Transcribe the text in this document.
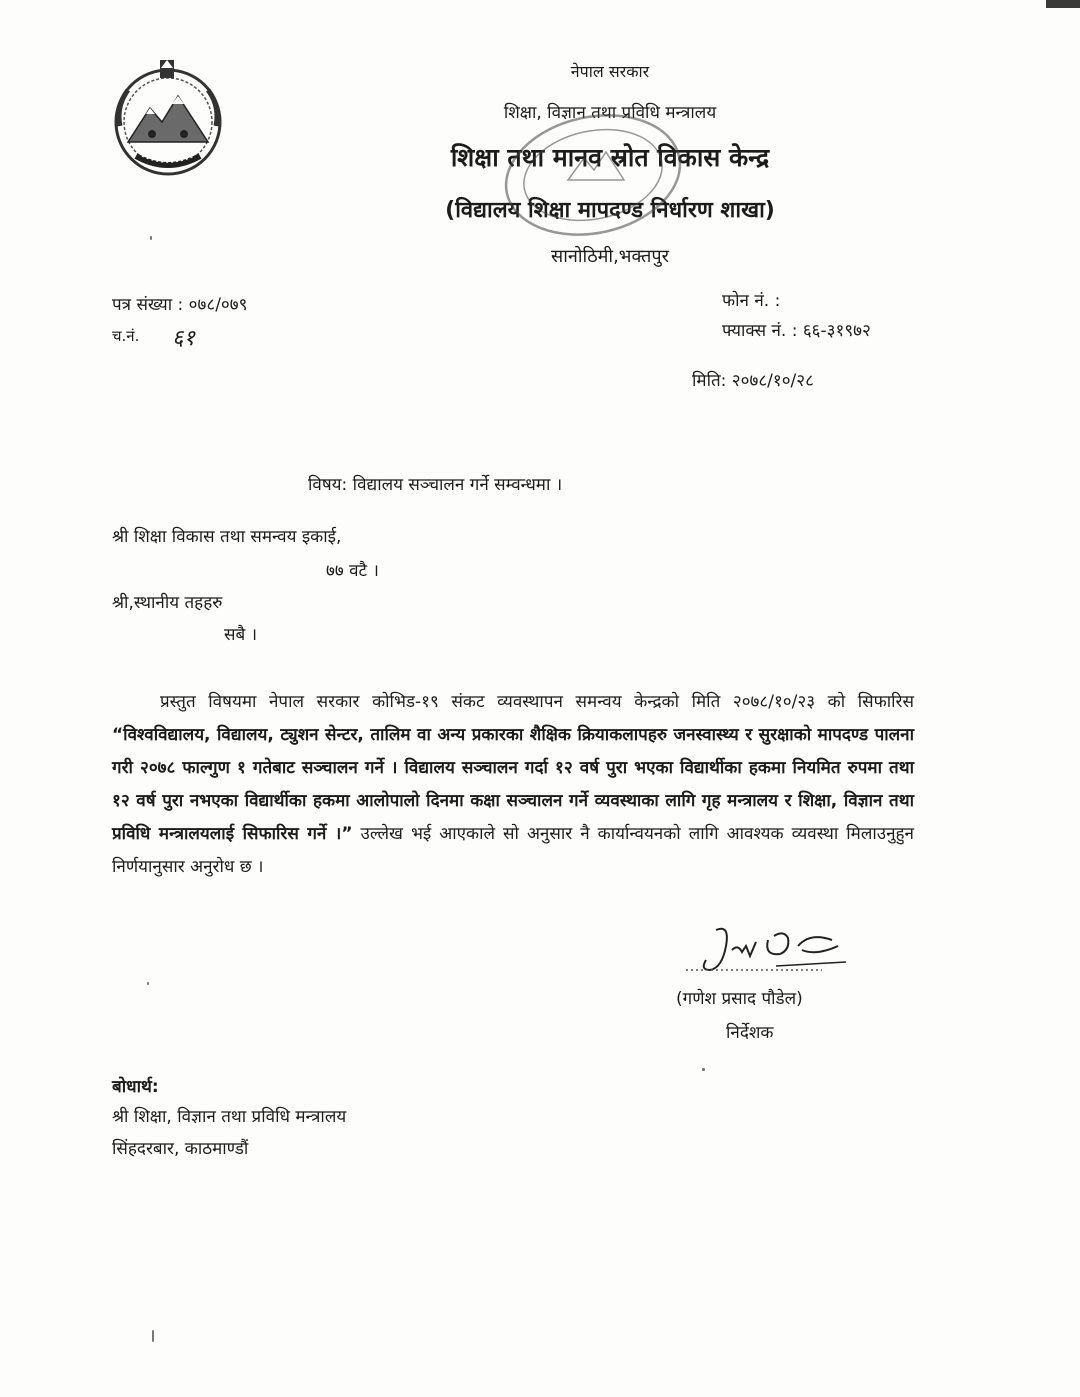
नेपाल सरकार
शिक्षा, विज्ञान तथा प्रविधि मन्त्रालय
शिक्षा तथा मानव स्रोत विकास केन्द्र
(विद्यालय शिक्षा मापदण्ड निर्धारण शाखा)
सानोठिमी,भक्तपुर
पत्र संख्या : ०७८/०७९
च.नं. ६१
फोन नं. :
फ्याक्स नं. : ६६-३१९७२
मिति: २०७८/१०/२८
विषय: विद्यालय सञ्चालन गर्ने सम्वन्धमा ।
श्री शिक्षा विकास तथा समन्वय इकाई,
७७ वटै ।
श्री,स्थानीय तहहरु
सबै ।
प्रस्तुत विषयमा नेपाल सरकार कोभिड-१९ संकट व्यवस्थापन समन्वय केन्द्रको मिति २०७८/१०/२३ को सिफारिस “विश्वविद्यालय, विद्यालय, ट्युशन सेन्टर, तालिम वा अन्य प्रकारका शैक्षिक क्रियाकलापहरु जनस्वास्थ्य र सुरक्षाको मापदण्ड पालना गरी २०७८ फाल्गुण १ गतेबाट सञ्चालन गर्ने । विद्यालय सञ्चालन गर्दा १२ वर्ष पुरा भएका विद्यार्थीका हकमा नियमित रुपमा तथा १२ वर्ष पुरा नभएका विद्यार्थीका हकमा आलोपालो दिनमा कक्षा सञ्चालन गर्ने व्यवस्थाका लागि गृह मन्त्रालय र शिक्षा, विज्ञान तथा प्रविधि मन्त्रालयलाई सिफारिस गर्ने ।” उल्लेख भई आएकाले सो अनुसार नै कार्यान्वयनको लागि आवश्यक व्यवस्था मिलाउनुहुन निर्णयानुसार अनुरोध छ ।
(गणेश प्रसाद पौडेल)
निर्देशक
बोधार्थ:
श्री शिक्षा, विज्ञान तथा प्रविधि मन्त्रालय
सिंहदरबार, काठमाण्डौं
